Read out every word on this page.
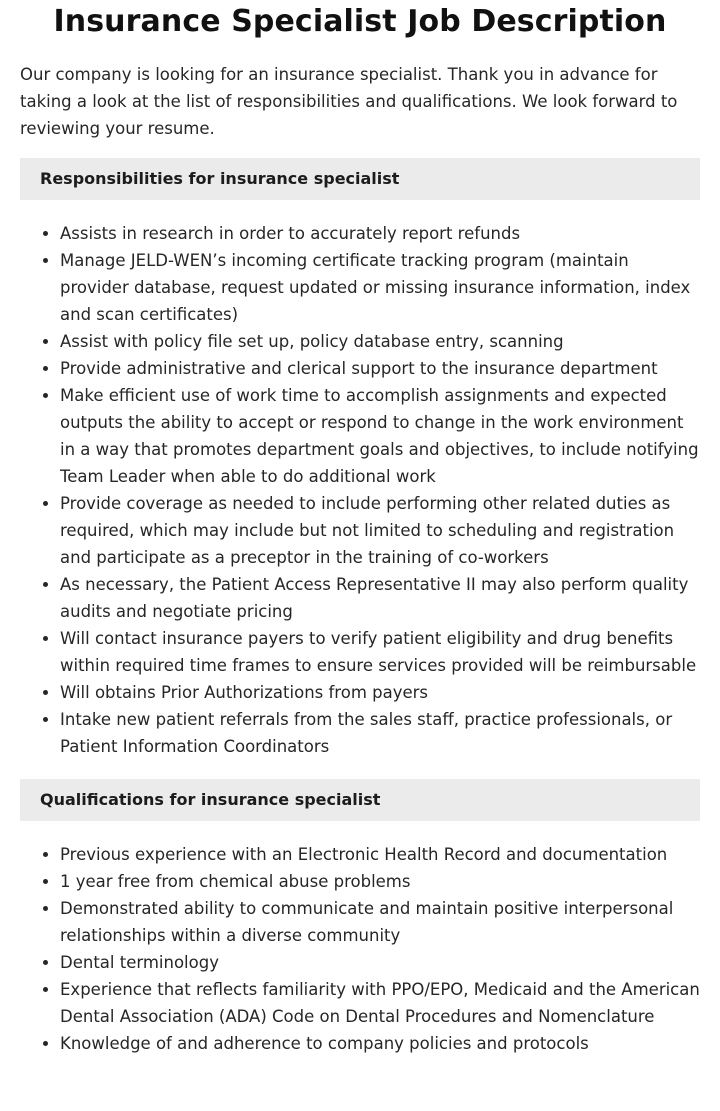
Insurance Specialist Job Description

Our company is looking for an insurance specialist. Thank you in advance for taking a look at the list of responsibilities and qualifications. We look forward to reviewing your resume.

Responsibilities for insurance specialist
• Assists in research in order to accurately report refunds
• Manage JELD-WEN’s incoming certificate tracking program (maintain provider database, request updated or missing insurance information, index and scan certificates)
• Assist with policy file set up, policy database entry, scanning
• Provide administrative and clerical support to the insurance department
• Make efficient use of work time to accomplish assignments and expected outputs the ability to accept or respond to change in the work environment in a way that promotes department goals and objectives, to include notifying Team Leader when able to do additional work
• Provide coverage as needed to include performing other related duties as required, which may include but not limited to scheduling and registration and participate as a preceptor in the training of co-workers
• As necessary, the Patient Access Representative II may also perform quality audits and negotiate pricing
• Will contact insurance payers to verify patient eligibility and drug benefits within required time frames to ensure services provided will be reimbursable
• Will obtains Prior Authorizations from payers
• Intake new patient referrals from the sales staff, practice professionals, or Patient Information Coordinators
Qualifications for insurance specialist
• Previous experience with an Electronic Health Record and documentation
• 1 year free from chemical abuse problems
• Demonstrated ability to communicate and maintain positive interpersonal relationships within a diverse community
• Dental terminology
• Experience that reflects familiarity with PPO/EPO, Medicaid and the American Dental Association (ADA) Code on Dental Procedures and Nomenclature
• Knowledge of and adherence to company policies and protocols
